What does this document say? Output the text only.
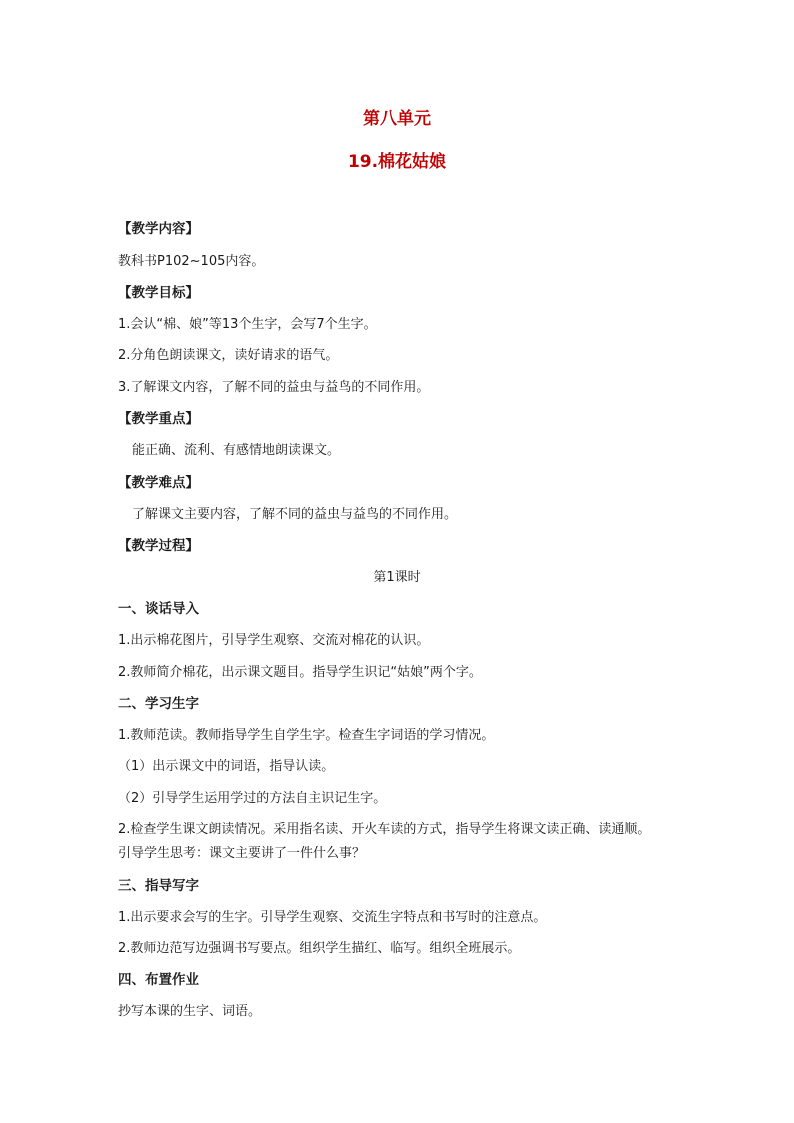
第八单元
19.棉花姑娘
【教学内容】
教科书P102~105内容。
【教学目标】
1.会认“棉、娘”等13个生字，会写7个生字。
2.分角色朗读课文，读好请求的语气。
3.了解课文内容，了解不同的益虫与益鸟的不同作用。
【教学重点】
能正确、流利、有感情地朗读课文。
【教学难点】
了解课文主要内容，了解不同的益虫与益鸟的不同作用。
【教学过程】
第1课时
一、谈话导入
1.出示棉花图片，引导学生观察、交流对棉花的认识。
2.教师简介棉花，出示课文题目。指导学生识记“姑娘”两个字。
二、学习生字
1.教师范读。教师指导学生自学生字。检查生字词语的学习情况。
（1）出示课文中的词语，指导认读。
（2）引导学生运用学过的方法自主识记生字。
2.检查学生课文朗读情况。采用指名读、开火车读的方式，指导学生将课文读正确、读通顺。
引导学生思考：课文主要讲了一件什么事？
三、指导写字
1.出示要求会写的生字。引导学生观察、交流生字特点和书写时的注意点。
2.教师边范写边强调书写要点。组织学生描红、临写。组织全班展示。
四、布置作业
抄写本课的生字、词语。
